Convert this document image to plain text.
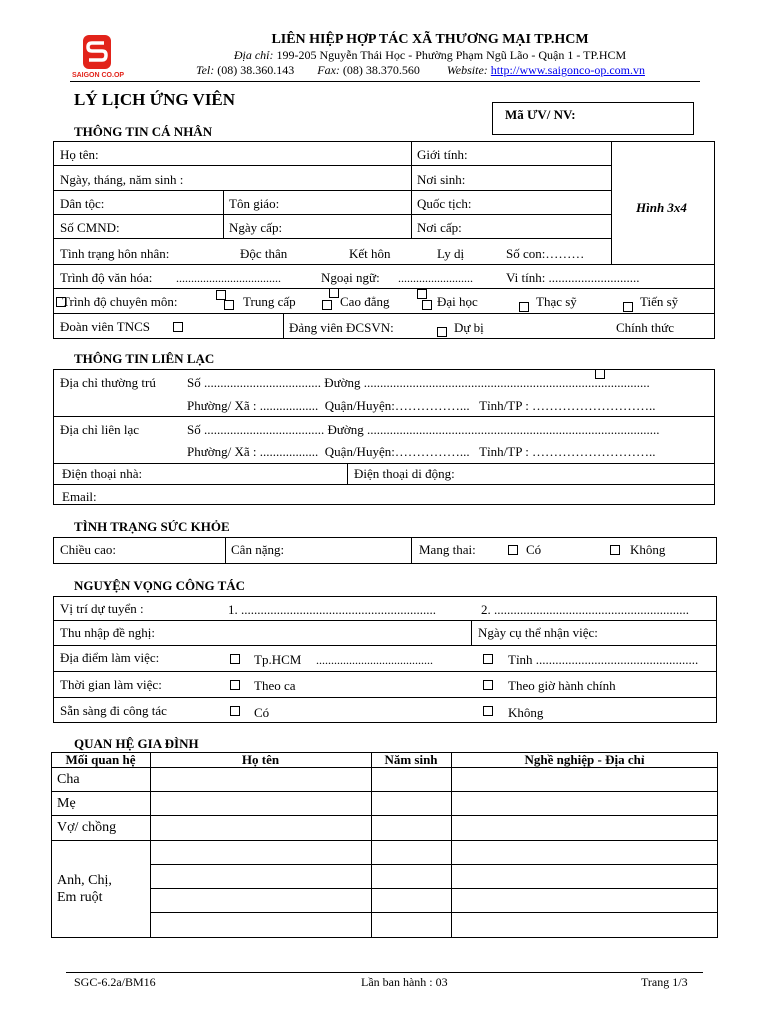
SAIGON CO.OP
LIÊN HIỆP HỢP TÁC XÃ THƯƠNG MẠI TP.HCM
Địa chỉ: 199-205 Nguyễn Thái Học - Phường Phạm Ngũ Lão - Quận 1 - TP.HCM
Tel: (08) 38.360.143 Fax: (08) 38.370.560 Website: http://www.saigonco-op.com.vn
LÝ LỊCH ỨNG VIÊN
Mã ƯV/ NV:
THÔNG TIN CÁ NHÂN
Họ tên:	Giới tính:
Ngày, tháng, năm sinh :	Nơi sinh:
Dân tộc:	Tôn giáo:	Quốc tịch:
Số CMND:	Ngày cấp:	Nơi cấp:
Hình 3x4
Tình trạng hôn nhân:	Độc thân	Kết hôn	Ly dị	Số con:………
Trình độ văn hóa: ...................................	Ngoại ngữ: .........................	Vi tính: ............................
Trình độ chuyên môn:	Trung cấp	Cao đẳng	Đại học	Thạc sỹ	Tiến sỹ
Đoàn viên TNCS	Đảng viên ĐCSVN:	Dự bị	Chính thức
THÔNG TIN LIÊN LẠC
Địa chỉ thường trú Số .................................... Đường ........................................................................................
Phường/ Xã : ..................  Quận/Huyện:……………...   Tỉnh/TP : ………………………..
Địa chỉ liên lạc	Số ..................................... Đường ..........................................................................................
Phường/ Xã : ..................  Quận/Huyện:……………...   Tỉnh/TP : ………………………..
Điện thoại nhà:	Điện thoại di động:
Email:
TÌNH TRẠNG SỨC KHỎE
Chiều cao:	Cân nặng:	Mang thai:	Có	Không
NGUYỆN VỌNG CÔNG TÁC
Vị trí dự tuyển :	1. ............................................................	2. ............................................................
Thu nhập đề nghị:	Ngày cụ thể nhận việc:
Địa điểm làm việc:	Tp.HCM .......................................	Tỉnh ..................................................
Thời gian làm việc:	Theo ca	Theo giờ hành chính
Sẵn sàng đi công tác	Có	Không
QUAN HỆ GIA ĐÌNH
Mối quan hệ	Họ tên	Năm sinh	Nghề nghiệp - Địa chỉ
Cha
Mẹ
Vợ/ chồng
Anh, Chị,
Em ruột
SGC-6.2a/BM16	Lần ban hành : 03	Trang 1/3
